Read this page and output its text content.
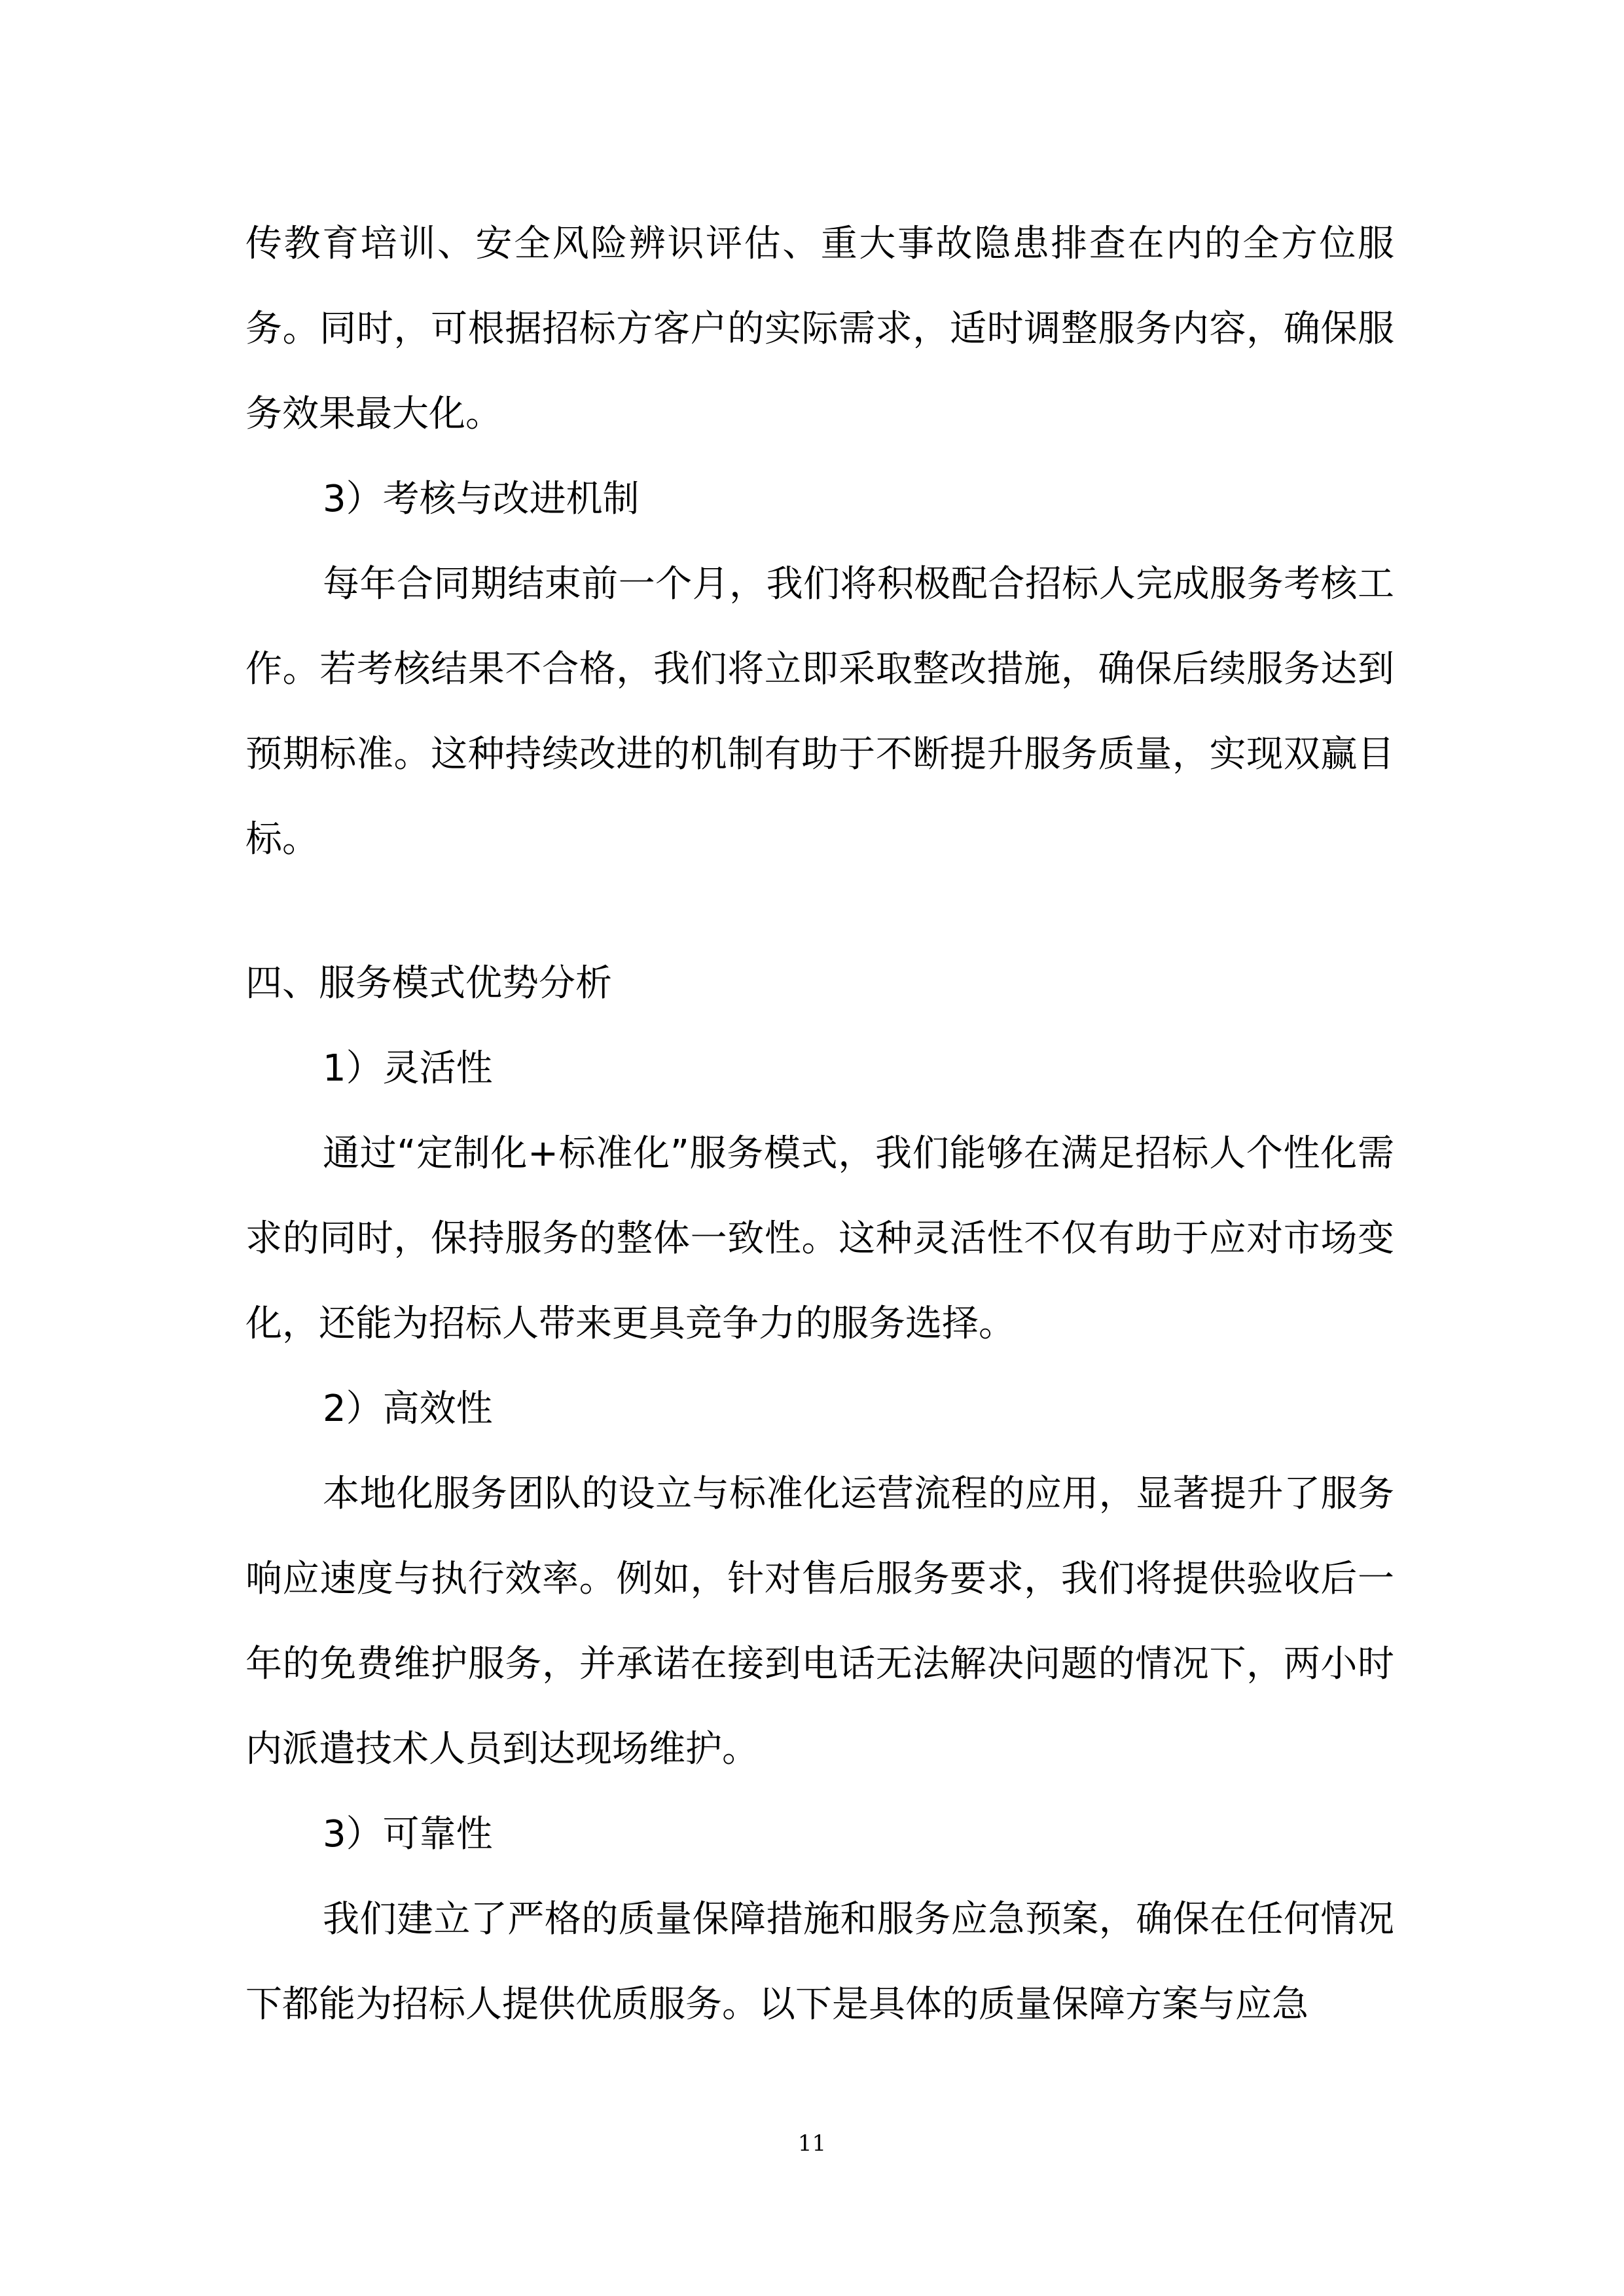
传教育培训、安全风险辨识评估、重大事故隐患排查在内的全方位服务。同时，可根据招标方客户的实际需求，适时调整服务内容，确保服务效果最大化。

3）考核与改进机制

每年合同期结束前一个月，我们将积极配合招标人完成服务考核工作。若考核结果不合格，我们将立即采取整改措施，确保后续服务达到预期标准。这种持续改进的机制有助于不断提升服务质量，实现双赢目标。

四、服务模式优势分析

1）灵活性

通过“定制化+标准化”服务模式，我们能够在满足招标人个性化需求的同时，保持服务的整体一致性。这种灵活性不仅有助于应对市场变化，还能为招标人带来更具竞争力的服务选择。

2）高效性

本地化服务团队的设立与标准化运营流程的应用，显著提升了服务响应速度与执行效率。例如，针对售后服务要求，我们将提供验收后一年的免费维护服务，并承诺在接到电话无法解决问题的情况下，两小时内派遣技术人员到达现场维护。

3）可靠性

我们建立了严格的质量保障措施和服务应急预案，确保在任何情况下都能为招标人提供优质服务。以下是具体的质量保障方案与应急

11
